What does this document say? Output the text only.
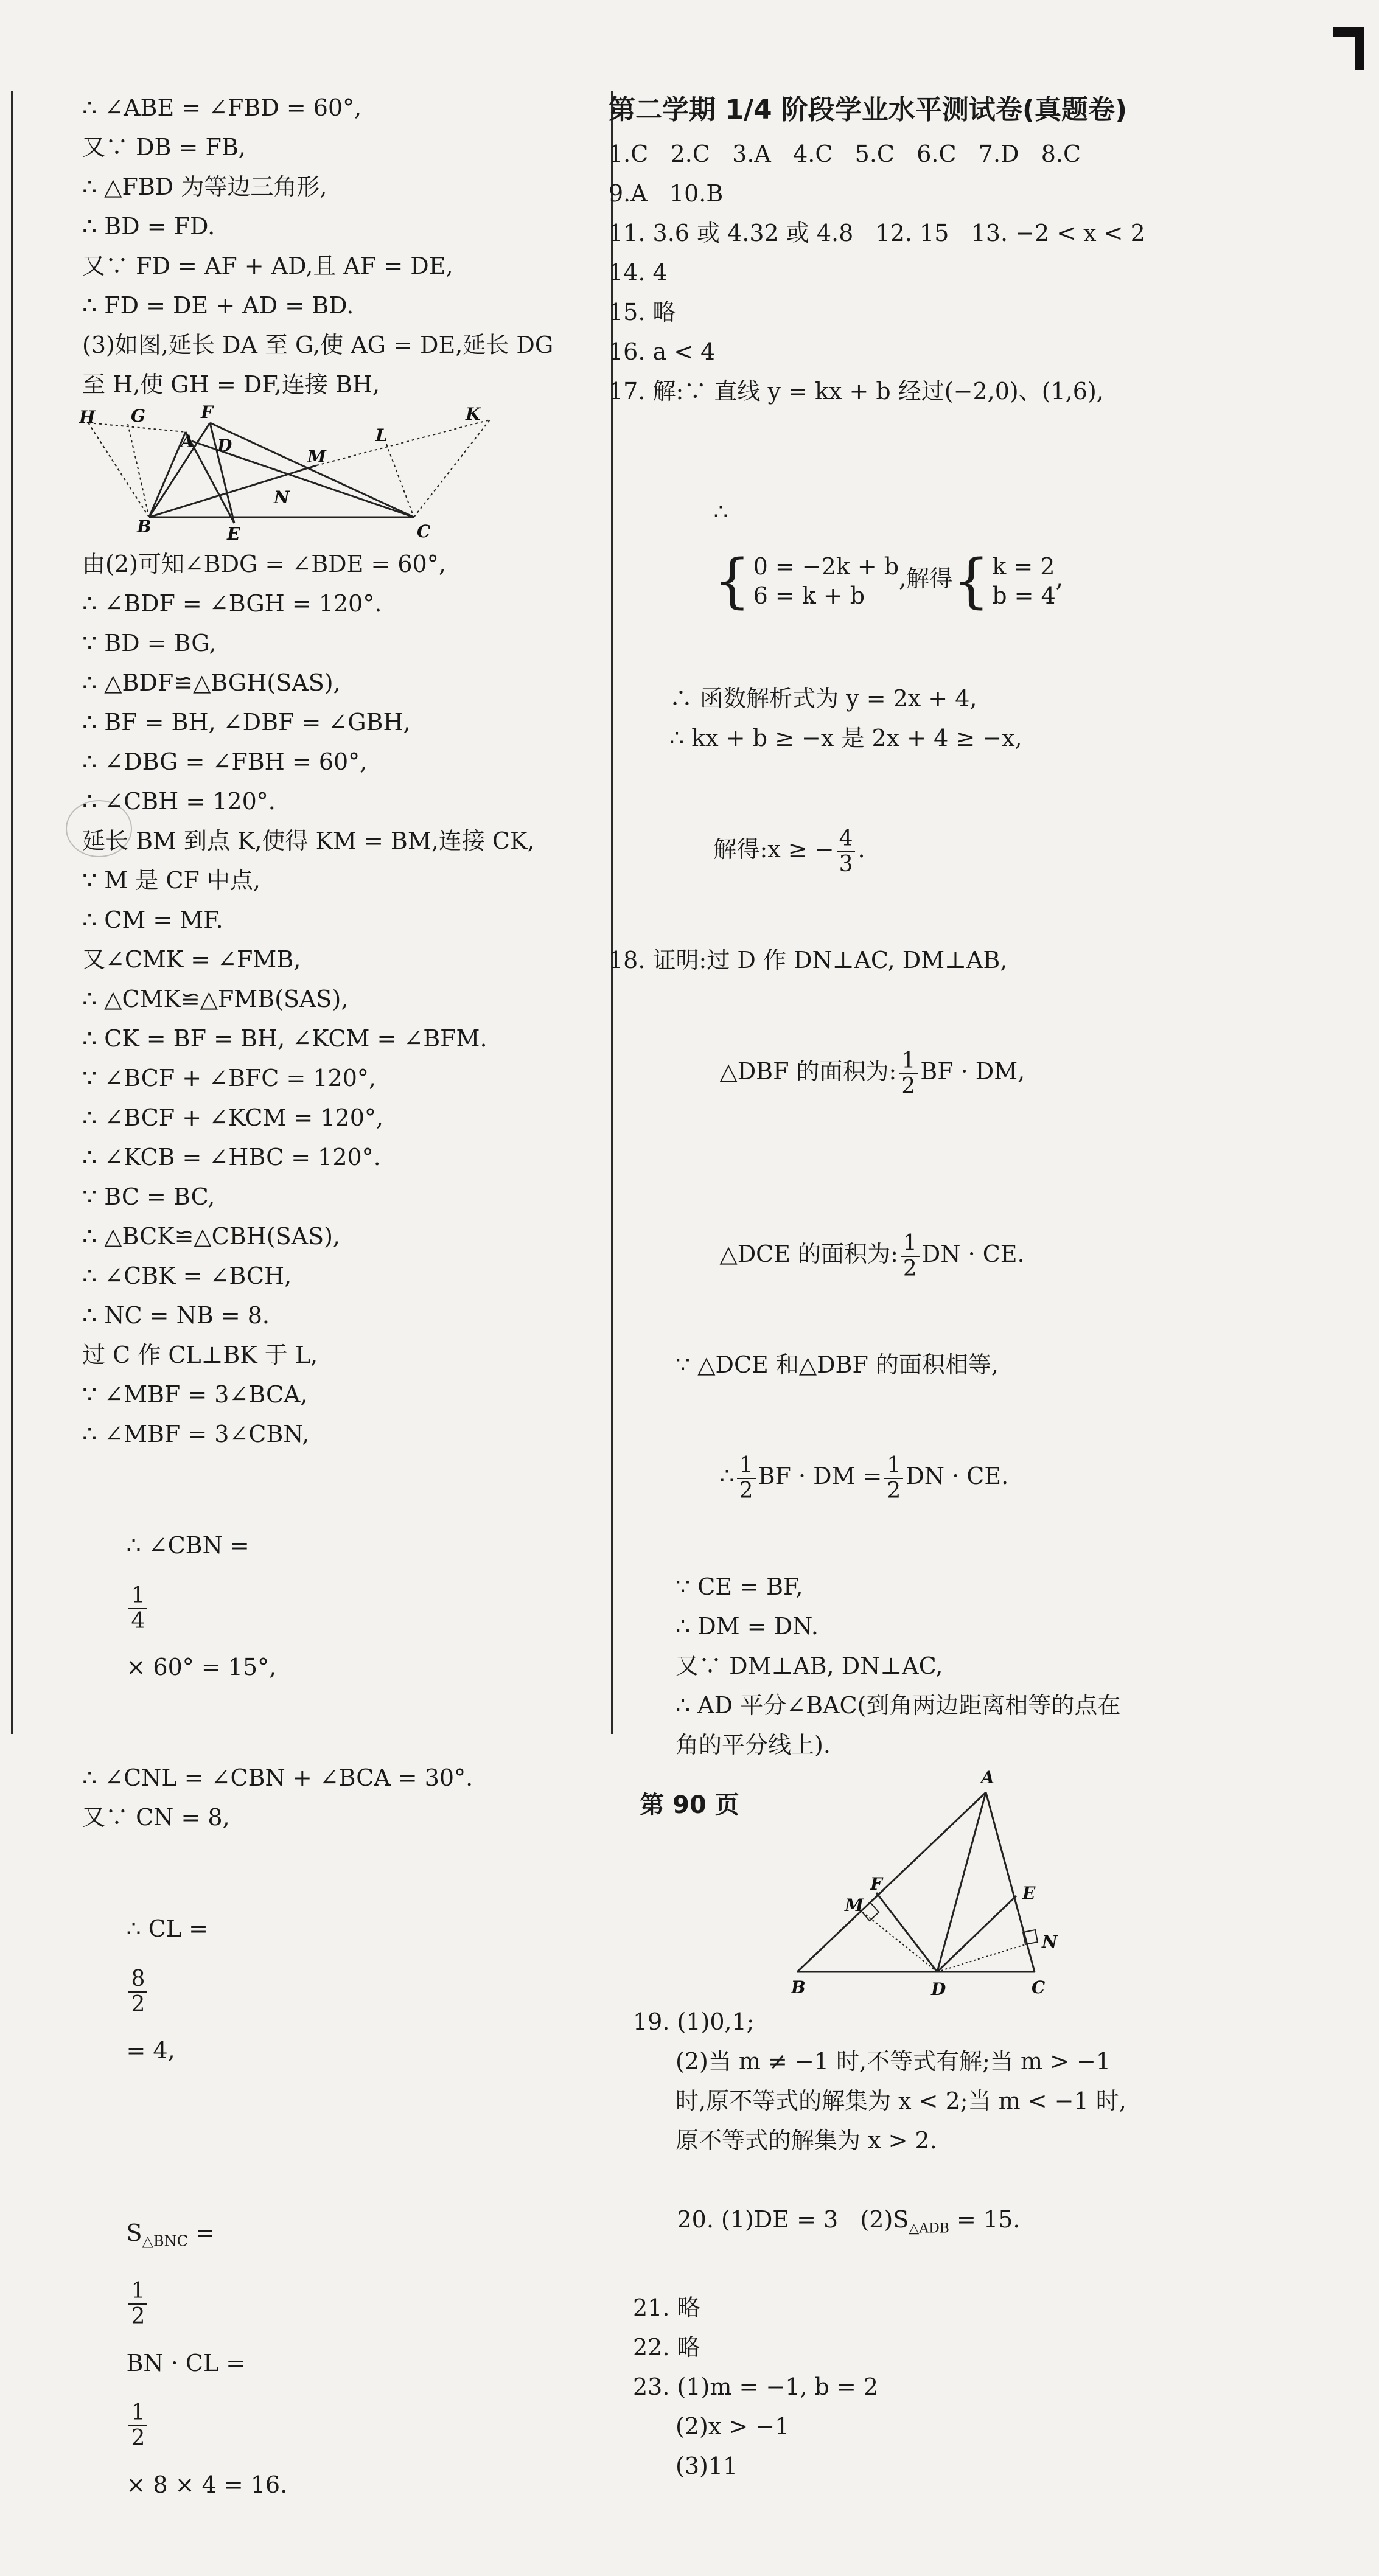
∴ ∠ABE = ∠FBD = 60°,
又∵ DB = FB,
∴ △FBD 为等边三角形,
∴ BD = FD.
又∵ FD = AF + AD,且 AF = DE,
∴ FD = DE + AD = BD.
(3)如图,延长 DA 至 G,使 AG = DE,延长 DG
至 H,使 GH = DF,连接 BH,
H G	F
A D
M
L
K
N
B	E	C
由(2)可知∠BDG = ∠BDE = 60°,
∴ ∠BDF = ∠BGH = 120°.
∵ BD = BG,
∴ △BDF≌△BGH(SAS),
∴ BF = BH, ∠DBF = ∠GBH,
∴ ∠DBG = ∠FBH = 60°,
∴ ∠CBH = 120°.
延长 BM 到点 K,使得 KM = BM,连接 CK,
∵ M 是 CF 中点,
∴ CM = MF.
又∠CMK = ∠FMB,
∴ △CMK≌△FMB(SAS),
∴ CK = BF = BH, ∠KCM = ∠BFM.
∵ ∠BCF + ∠BFC = 120°,
∴ ∠BCF + ∠KCM = 120°,
∴ ∠KCB = ∠HBC = 120°.
∵ BC = BC,
∴ △BCK≌△CBH(SAS),
∴ ∠CBK = ∠BCH,
∴ NC = NB = 8.
过 C 作 CL⊥BK 于 L,
∵ ∠MBF = 3∠BCA,
∴ ∠MBF = 3∠CBN,

∴ ∠CBN =

$\frac{1}{4}$

× 60° = 15°,

∴ ∠CNL = ∠CBN + ∠BCA = 30°.
又∵ CN = 8,

∴ CL =

$\frac{8}{2}$

= 4,

$S_{\triangle BNC}$ =

$\frac{1}{2}$

BN · CL =

$\frac{1}{2}$

× 8 × 4 = 16.

第二学期 1/4 阶段学业水平测试卷(真题卷)
1.C   2.C   3.A   4.C   5.C   6.C   7.D   8.C
9.A   10.B
11. 3.6 或 4.32 或 4.8   12. 15   13. −2 < x < 2
14. 4
15. 略
16. a < 4
17. 解:∵ 直线 y = kx + b 经过(−2,0)、(1,6),

∴
{ 0 = −2k + b
6 = k + b
,解得{ k = 2
b = 4
,

∴ 函数解析式为 y = 2x + 4,
∴ kx + b ≥ −x 是 2x + 4 ≥ −x,

解得:x ≥ − $\frac{4}{3}$ .

18. 证明:过 D 作 DN⊥AC, DM⊥AB,

△DBF 的面积为: $\frac{1}{2}$ BF · DM,

△DCE 的面积为: $\frac{1}{2}$ DN · CE.

∵ △DCE 和△DBF 的面积相等,

∴ $\frac{1}{2}$ BF · DM = $\frac{1}{2}$ DN · CE.

∵ CE = BF,
∴ DM = DN.
又∵ DM⊥AB, DN⊥AC,
∴ AD 平分∠BAC(到角两边距离相等的点在
角的平分线上).
A
M
F	E
N
B	D	C
19. (1)0,1;
(2)当 m ≠ −1 时,不等式有解;当 m > −1
时,原不等式的解集为 x < 2;当 m < −1 时,
原不等式的解集为 x > 2.

20. (1)DE = 3   $(2)S_{\triangle ADB} = 15$.

21. 略
22. 略
23. (1)m = −1, b = 2
(2)x > −1
(3)11
第 90 页
